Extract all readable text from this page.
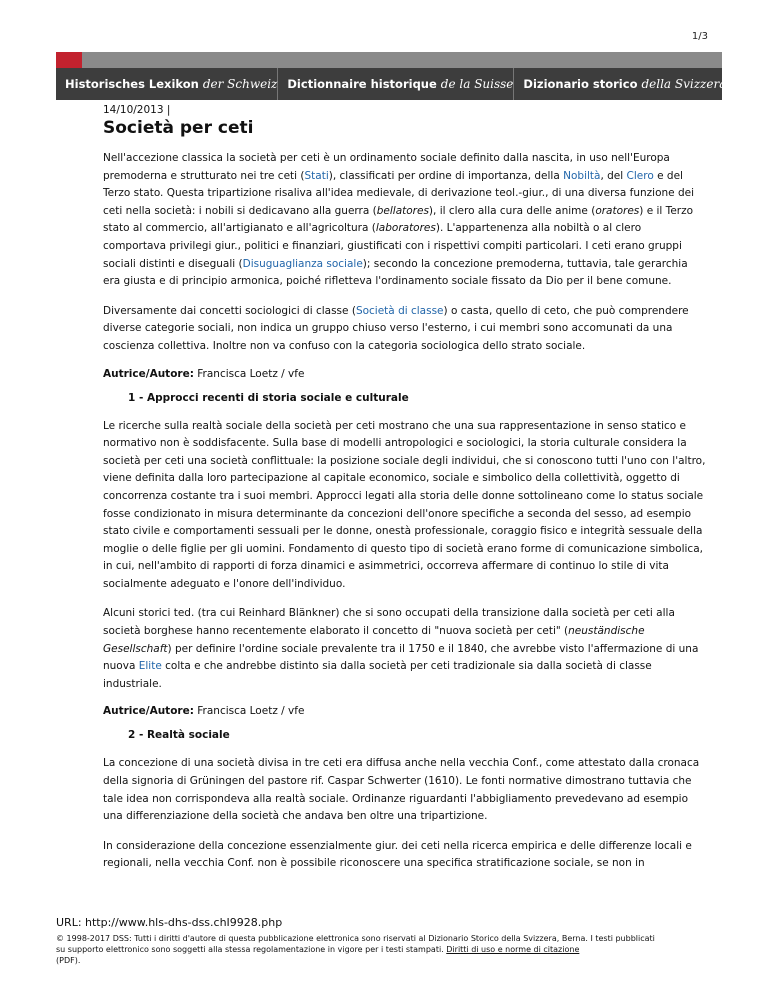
1/3
Historisches Lexikon der Schweiz Dictionnaire historique de la Suisse Dizionario storico della Svizzera
14/10/2013 |
Società per ceti

Nell'accezione classica la società per ceti è un ordinamento sociale definito dalla nascita, in uso nell'Europa premoderna e strutturato nei tre ceti (Stati), classificati per ordine di importanza, della Nobiltà, del Clero e del Terzo stato. Questa tripartizione risaliva all'idea medievale, di derivazione teol.-giur., di una diversa funzione dei ceti nella società: i nobili si dedicavano alla guerra (bellatores), il clero alla cura delle anime (oratores) e il Terzo stato al commercio, all'artigianato e all'agricoltura (laboratores). L'appartenenza alla nobiltà o al clero comportava privilegi giur., politici e finanziari, giustificati con i rispettivi compiti particolari. I ceti erano gruppi sociali distinti e diseguali (Disuguaglianza sociale); secondo la concezione premoderna, tuttavia, tale gerarchia era giusta e di principio armonica, poiché rifletteva l'ordinamento sociale fissato da Dio per il bene comune.

Diversamente dai concetti sociologici di classe (Società di classe) o casta, quello di ceto, che può comprendere diverse categorie sociali, non indica un gruppo chiuso verso l'esterno, i cui membri sono accomunati da una coscienza collettiva. Inoltre non va confuso con la categoria sociologica dello strato sociale.

Autrice/Autore: Francisca Loetz / vfe
1 - Approcci recenti di storia sociale e culturale

Le ricerche sulla realtà sociale della società per ceti mostrano che una sua rappresentazione in senso statico e normativo non è soddisfacente. Sulla base di modelli antropologici e sociologici, la storia culturale considera la società per ceti una società conflittuale: la posizione sociale degli individui, che si conoscono tutti l'uno con l'altro, viene definita dalla loro partecipazione al capitale economico, sociale e simbolico della collettività, oggetto di concorrenza costante tra i suoi membri. Approcci legati alla storia delle donne sottolineano come lo status sociale fosse condizionato in misura determinante da concezioni dell'onore specifiche a seconda del sesso, ad esempio stato civile e comportamenti sessuali per le donne, onestà professionale, coraggio fisico e integrità sessuale della moglie o delle figlie per gli uomini. Fondamento di questo tipo di società erano forme di comunicazione simbolica, in cui, nell'ambito di rapporti di forza dinamici e asimmetrici, occorreva affermare di continuo lo stile di vita socialmente adeguato e l'onore dell'individuo.

Alcuni storici ted. (tra cui Reinhard Blänkner) che si sono occupati della transizione dalla società per ceti alla società borghese hanno recentemente elaborato il concetto di "nuova società per ceti" (neuständische Gesellschaft) per definire l'ordine sociale prevalente tra il 1750 e il 1840, che avrebbe visto l'affermazione di una nuova Elite colta e che andrebbe distinto sia dalla società per ceti tradizionale sia dalla società di classe industriale.

Autrice/Autore: Francisca Loetz / vfe
2 - Realtà sociale

La concezione di una società divisa in tre ceti era diffusa anche nella vecchia Conf., come attestato dalla cronaca della signoria di Grüningen del pastore rif. Caspar Schwerter (1610). Le fonti normative dimostrano tuttavia che tale idea non corrispondeva alla realtà sociale. Ordinanze riguardanti l'abbigliamento prevedevano ad esempio una differenziazione della società che andava ben oltre una tripartizione.

In considerazione della concezione essenzialmente giur. dei ceti nella ricerca empirica e delle differenze locali e regionali, nella vecchia Conf. non è possibile riconoscere una specifica stratificazione sociale, se non in

URL: http://www.hls-dhs-dss.chI9928.php
© 1998-2017 DSS: Tutti i diritti d'autore di questa pubblicazione elettronica sono riservati al Dizionario Storico della Svizzera, Berna. I testi pubblicati su supporto elettronico sono soggetti alla stessa regolamentazione in vigore per i testi stampati. Diritti di uso e norme di citazione
(PDF).
